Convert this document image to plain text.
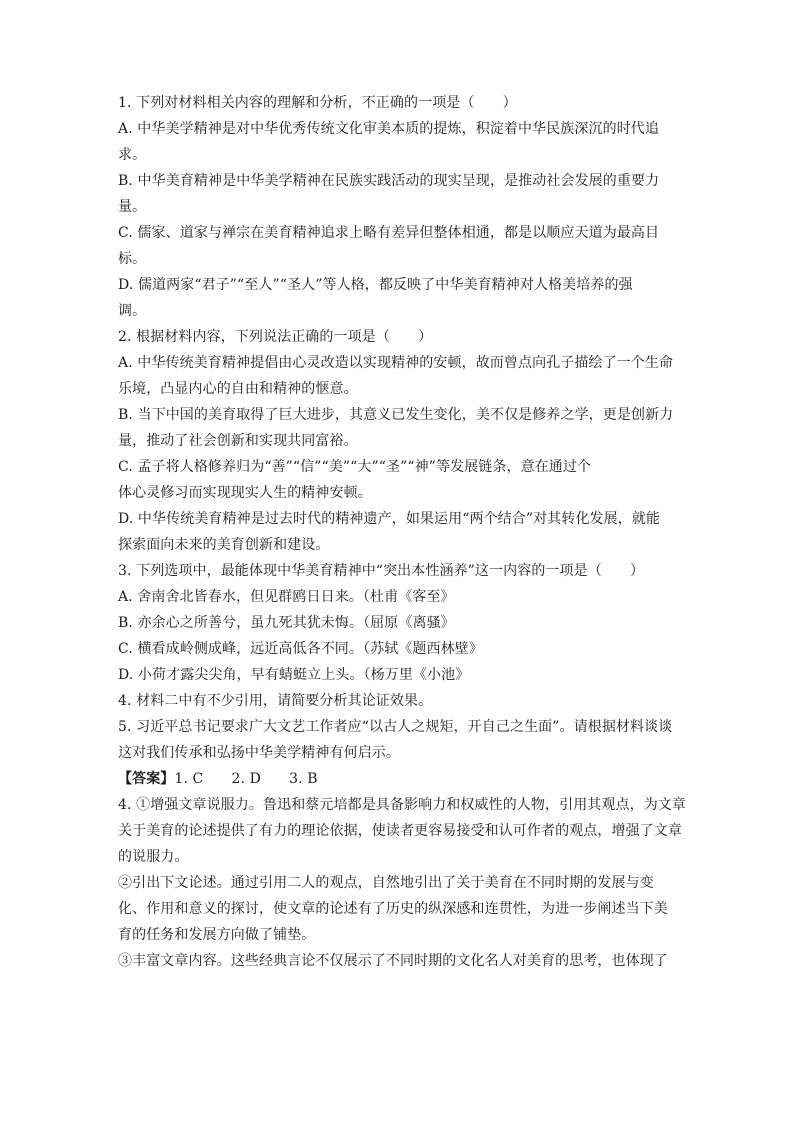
1. 下列对材料相关内容的理解和分析，不正确的一项是（　　）
A. 中华美学精神是对中华优秀传统文化审美本质的提炼，积淀着中华民族深沉的时代追
求。
B. 中华美育精神是中华美学精神在民族实践活动的现实呈现，是推动社会发展的重要力
量。
C. 儒家、道家与禅宗在美育精神追求上略有差异但整体相通，都是以顺应天道为最高目
标。
D. 儒道两家“君子”“至人”“圣人”等人格，都反映了中华美育精神对人格美培养的强
调。
2. 根据材料内容，下列说法正确的一项是（　　）
A. 中华传统美育精神提倡由心灵改造以实现精神的安顿，故而曾点向孔子描绘了一个生命
乐境，凸显内心的自由和精神的惬意。
B. 当下中国的美育取得了巨大进步，其意义已发生变化，美不仅是修养之学，更是创新力
量，推动了社会创新和实现共同富裕。
C. 孟子将人格修养归为“善”“信”“美”“大”“圣”“神”等发展链条，意在通过个
体心灵修习而实现现实人生的精神安顿。
D. 中华传统美育精神是过去时代的精神遗产，如果运用“两个结合”对其转化发展，就能
探索面向未来的美育创新和建设。
3. 下列选项中，最能体现中华美育精神中“突出本性涵养”这一内容的一项是（　　）
A. 舍南舍北皆春水，但见群鸥日日来。（杜甫《客至》
B. 亦余心之所善兮，虽九死其犹未悔。（屈原《离骚》
C. 横看成岭侧成峰，远近高低各不同。（苏轼《题西林壁》
D. 小荷才露尖尖角，早有蜻蜓立上头。（杨万里《小池》
4. 材料二中有不少引用，请简要分析其论证效果。
5. 习近平总书记要求广大文艺工作者应“以古人之规矩，开自己之生面”。请根据材料谈谈
这对我们传承和弘扬中华美学精神有何启示。
【答案】1. C　　2. D　　3. B
4. ①增强文章说服力。鲁迅和蔡元培都是具备影响力和权威性的人物，引用其观点，为文章
关于美育的论述提供了有力的理论依据，使读者更容易接受和认可作者的观点，增强了文章
的说服力。
②引出下文论述。通过引用二人的观点，自然地引出了关于美育在不同时期的发展与变
化、作用和意义的探讨，使文章的论述有了历史的纵深感和连贯性，为进一步阐述当下美
育的任务和发展方向做了铺垫。
③丰富文章内容。这些经典言论不仅展示了不同时期的文化名人对美育的思考，也体现了
